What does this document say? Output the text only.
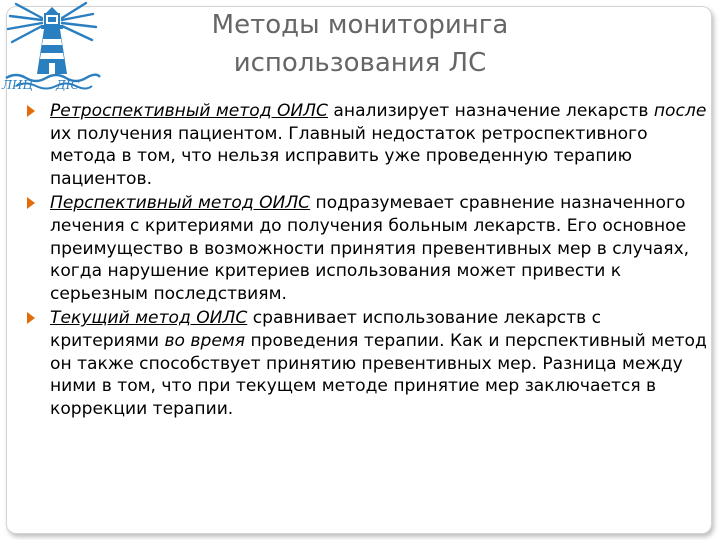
ЛИЦ ДIС
Методы мониторинга
использования ЛС
Ретроспективный метод ОИЛС анализирует назначение лекарств после их получения пациентом. Главный недостаток ретроспективного метода в том, что нельзя исправить уже проведенную терапию пациентов.
Перспективный метод ОИЛС подразумевает сравнение назначенного лечения с критериями до получения больным лекарств. Его основное преимущество в возможности принятия превентивных мер в случаях, когда нарушение критериев использования может привести к серьезным последствиям.
Текущий метод ОИЛС сравнивает использование лекарств с критериями во время проведения терапии. Как и перспективный метод он также способствует принятию превентивных мер. Разница между ними в том, что при текущем методе принятие мер заключается в коррекции терапии.
